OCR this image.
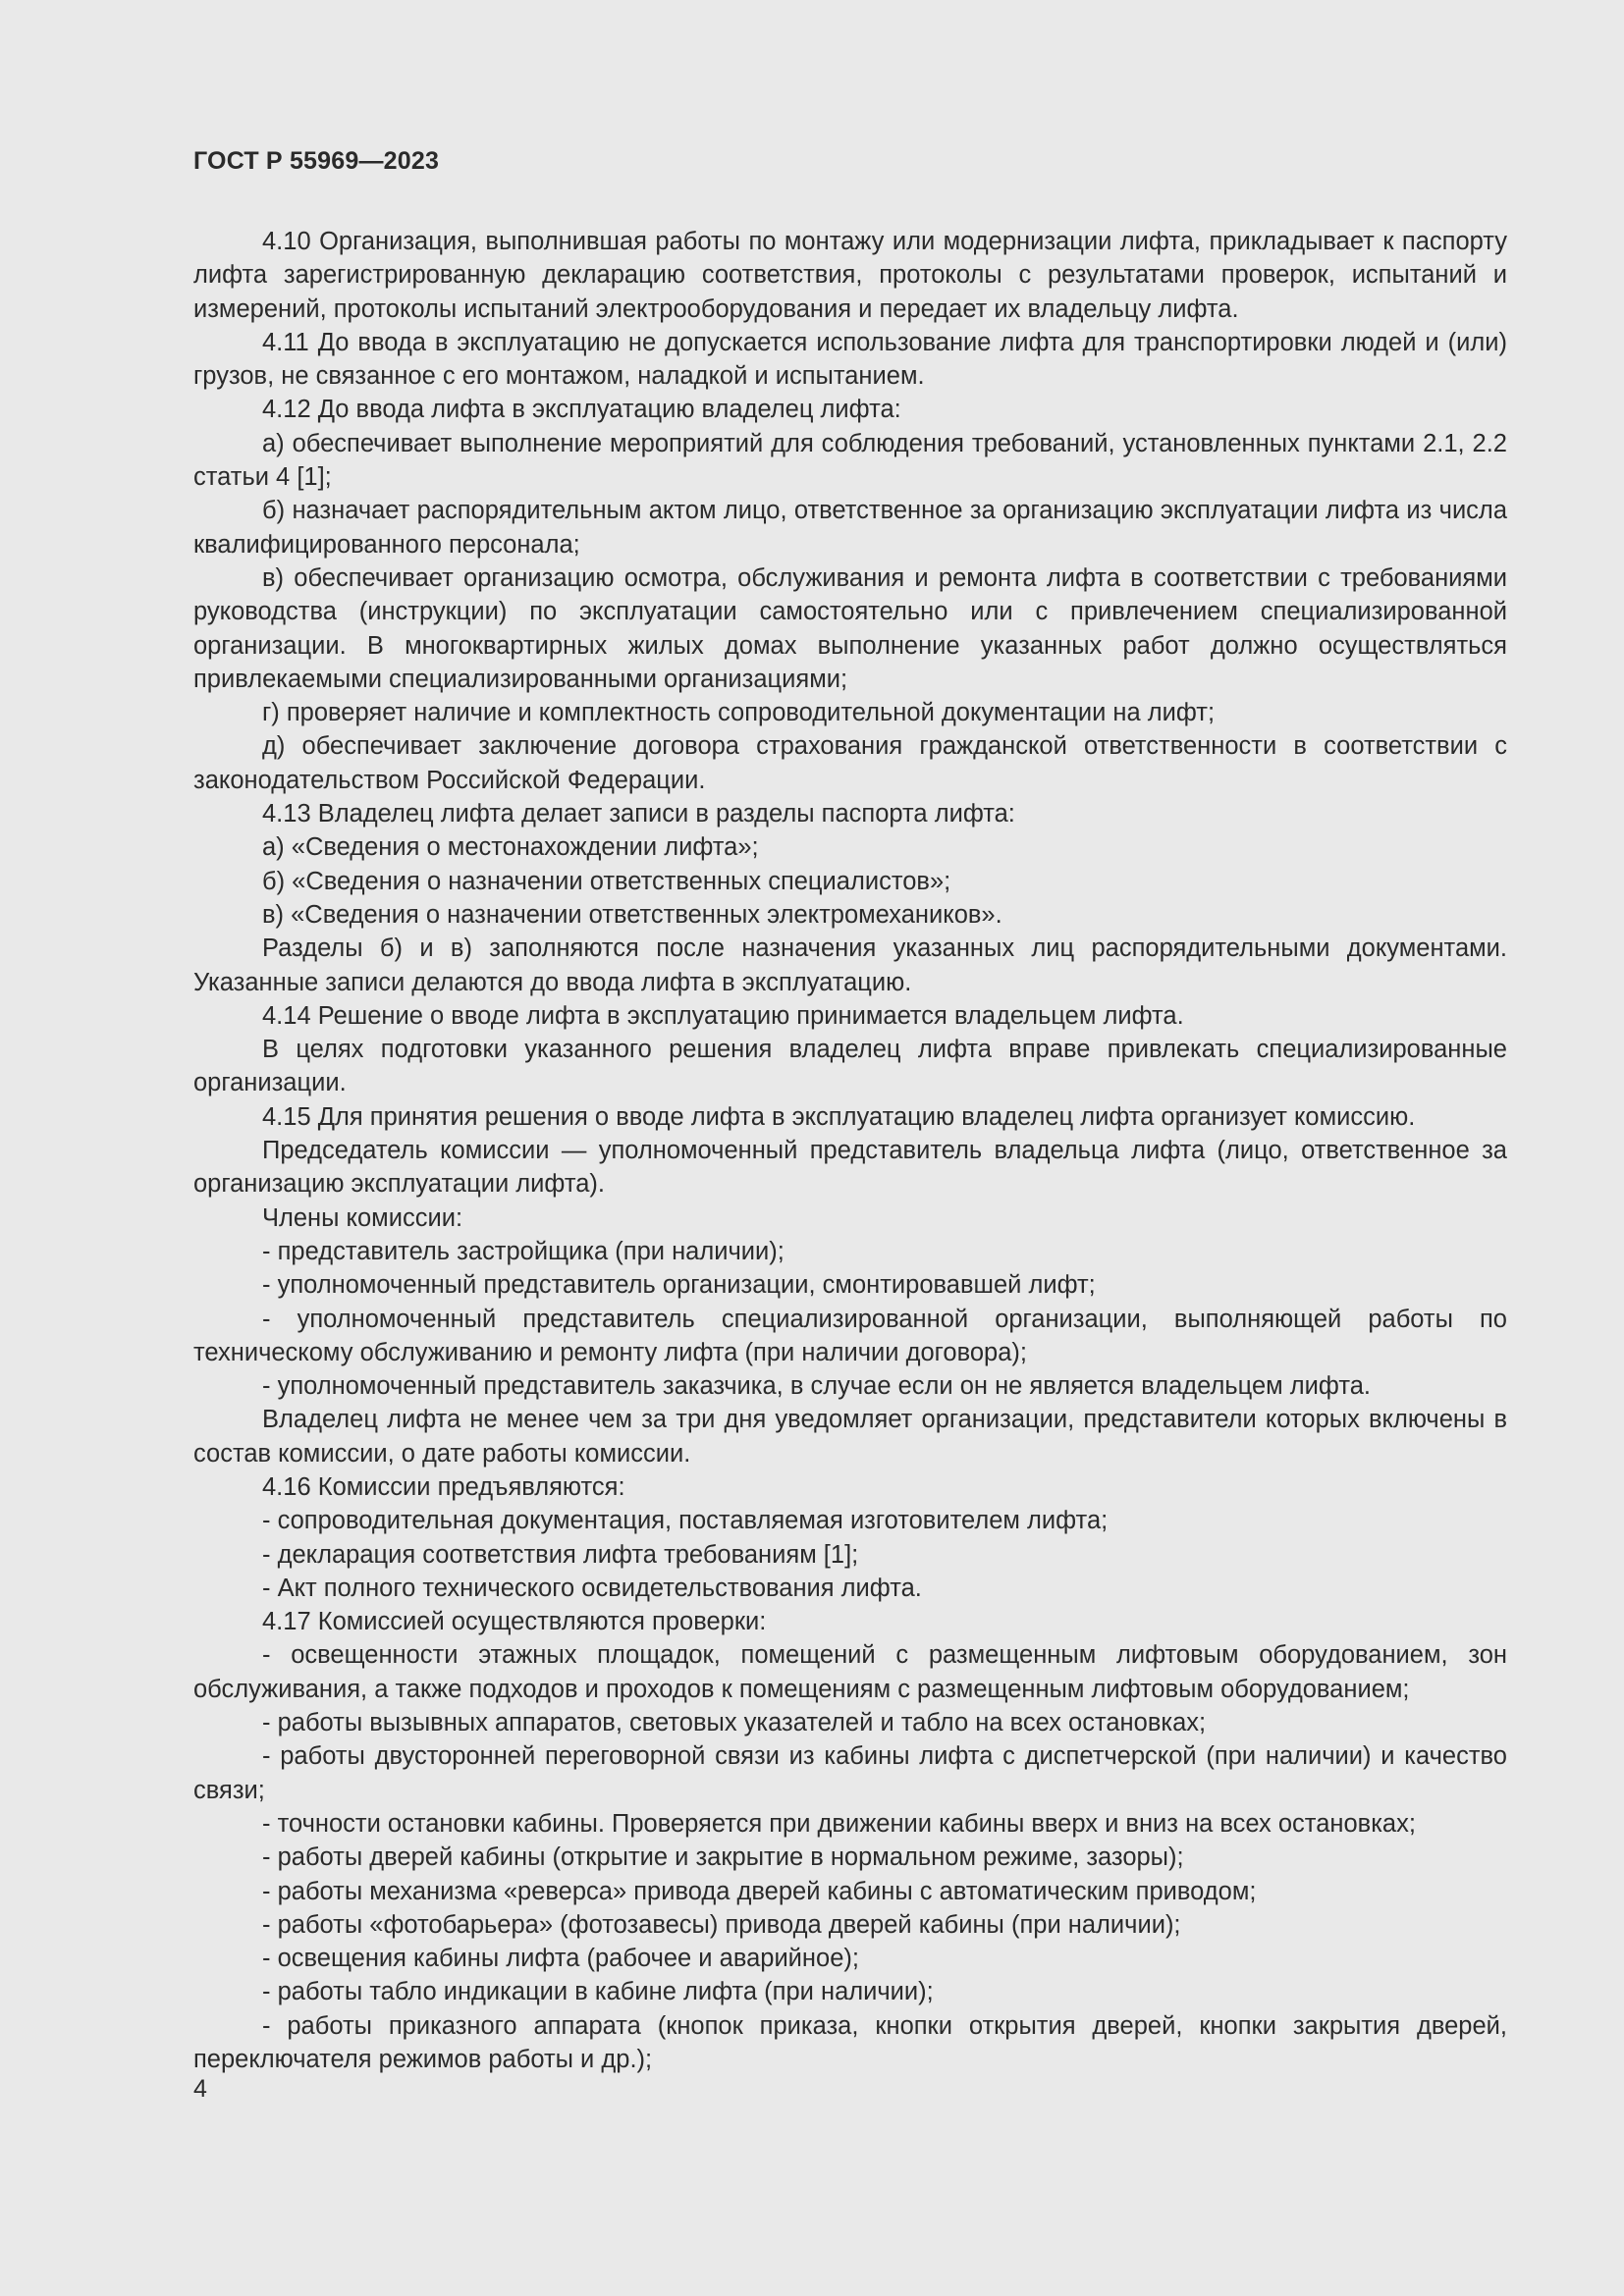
ГОСТ Р 55969—2023

4.10 Организация, выполнившая работы по монтажу или модернизации лифта, прикладывает к паспорту лифта зарегистрированную декларацию соответствия, протоколы с результатами проверок, испытаний и измерений, протоколы испытаний электрооборудования и передает их владельцу лифта.

4.11 До ввода в эксплуатацию не допускается использование лифта для транспортировки людей и (или) грузов, не связанное с его монтажом, наладкой и испытанием.

4.12 До ввода лифта в эксплуатацию владелец лифта:

а) обеспечивает выполнение мероприятий для соблюдения требований, установленных пунктами 2.1, 2.2 статьи 4 [1];

б) назначает распорядительным актом лицо, ответственное за организацию эксплуатации лифта из числа квалифицированного персонала;

в) обеспечивает организацию осмотра, обслуживания и ремонта лифта в соответствии с требованиями руководства (инструкции) по эксплуатации самостоятельно или с привлечением специализированной организации. В многоквартирных жилых домах выполнение указанных работ должно осуществляться привлекаемыми специализированными организациями;

г) проверяет наличие и комплектность сопроводительной документации на лифт;

д) обеспечивает заключение договора страхования гражданской ответственности в соответствии с законодательством Российской Федерации.

4.13 Владелец лифта делает записи в разделы паспорта лифта:

а) «Сведения о местонахождении лифта»;

б) «Сведения о назначении ответственных специалистов»;

в) «Сведения о назначении ответственных электромехаников».

Разделы б) и в) заполняются после назначения указанных лиц распорядительными документами. Указанные записи делаются до ввода лифта в эксплуатацию.

4.14 Решение о вводе лифта в эксплуатацию принимается владельцем лифта.

В целях подготовки указанного решения владелец лифта вправе привлекать специализированные организации.

4.15 Для принятия решения о вводе лифта в эксплуатацию владелец лифта организует комиссию.

Председатель комиссии — уполномоченный представитель владельца лифта (лицо, ответственное за организацию эксплуатации лифта).

Члены комиссии:

- представитель застройщика (при наличии);

- уполномоченный представитель организации, смонтировавшей лифт;

- уполномоченный представитель специализированной организации, выполняющей работы по техническому обслуживанию и ремонту лифта (при наличии договора);

- уполномоченный представитель заказчика, в случае если он не является владельцем лифта.

Владелец лифта не менее чем за три дня уведомляет организации, представители которых включены в состав комиссии, о дате работы комиссии.

4.16 Комиссии предъявляются:

- сопроводительная документация, поставляемая изготовителем лифта;

- декларация соответствия лифта требованиям [1];

- Акт полного технического освидетельствования лифта.

4.17 Комиссией осуществляются проверки:

- освещенности этажных площадок, помещений с размещенным лифтовым оборудованием, зон обслуживания, а также подходов и проходов к помещениям с размещенным лифтовым оборудованием;

- работы вызывных аппаратов, световых указателей и табло на всех остановках;

- работы двусторонней переговорной связи из кабины лифта с диспетчерской (при наличии) и качество связи;

- точности остановки кабины. Проверяется при движении кабины вверх и вниз на всех остановках;

- работы дверей кабины (открытие и закрытие в нормальном режиме, зазоры);

- работы механизма «реверса» привода дверей кабины с автоматическим приводом;

- работы «фотобарьера» (фотозавесы) привода дверей кабины (при наличии);

- освещения кабины лифта (рабочее и аварийное);

- работы табло индикации в кабине лифта (при наличии);

- работы приказного аппарата (кнопок приказа, кнопки открытия дверей, кнопки закрытия дверей, переключателя режимов работы и др.);

4
